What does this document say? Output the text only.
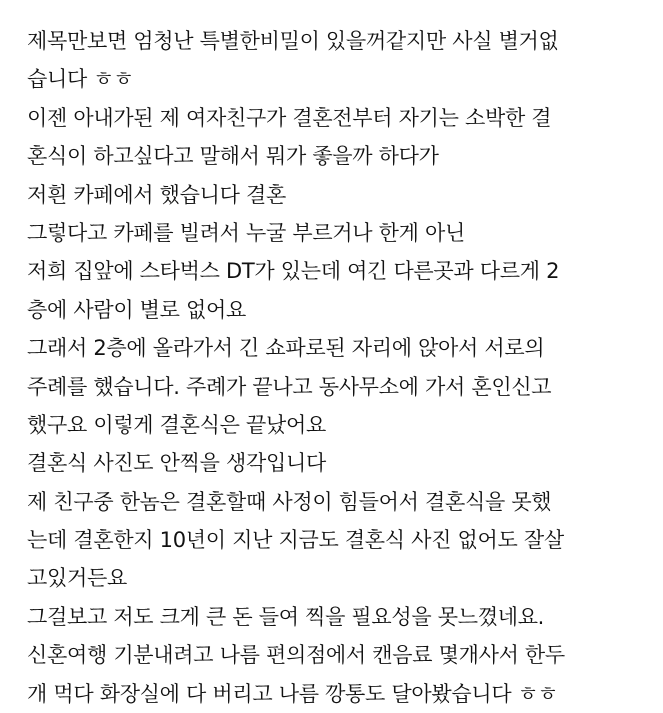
제목만보면 엄청난 특별한비밀이 있을꺼같지만 사실 별거없
습니다 ㅎㅎ
이젠 아내가된 제 여자친구가 결혼전부터 자기는 소박한 결
혼식이 하고싶다고 말해서 뭐가 좋을까 하다가
저흰 카페에서 했습니다 결혼
그렇다고 카페를 빌려서 누굴 부르거나 한게 아닌
저희 집앞에 스타벅스 DT가 있는데 여긴 다른곳과 다르게 2
층에 사람이 별로 없어요
그래서 2층에 올라가서 긴 쇼파로된 자리에 앉아서 서로의
주례를 했습니다. 주례가 끝나고 동사무소에 가서 혼인신고
했구요 이렇게 결혼식은 끝났어요
결혼식 사진도 안찍을 생각입니다
제 친구중 한놈은 결혼할때 사정이 힘들어서 결혼식을 못했
는데 결혼한지 10년이 지난 지금도 결혼식 사진 없어도 잘살
고있거든요
그걸보고 저도 크게 큰 돈 들여 찍을 필요성을 못느꼈네요.
신혼여행 기분내려고 나름 편의점에서 캔음료 몇개사서 한두
개 먹다 화장실에 다 버리고 나름 깡통도 달아봤습니다 ㅎㅎ
